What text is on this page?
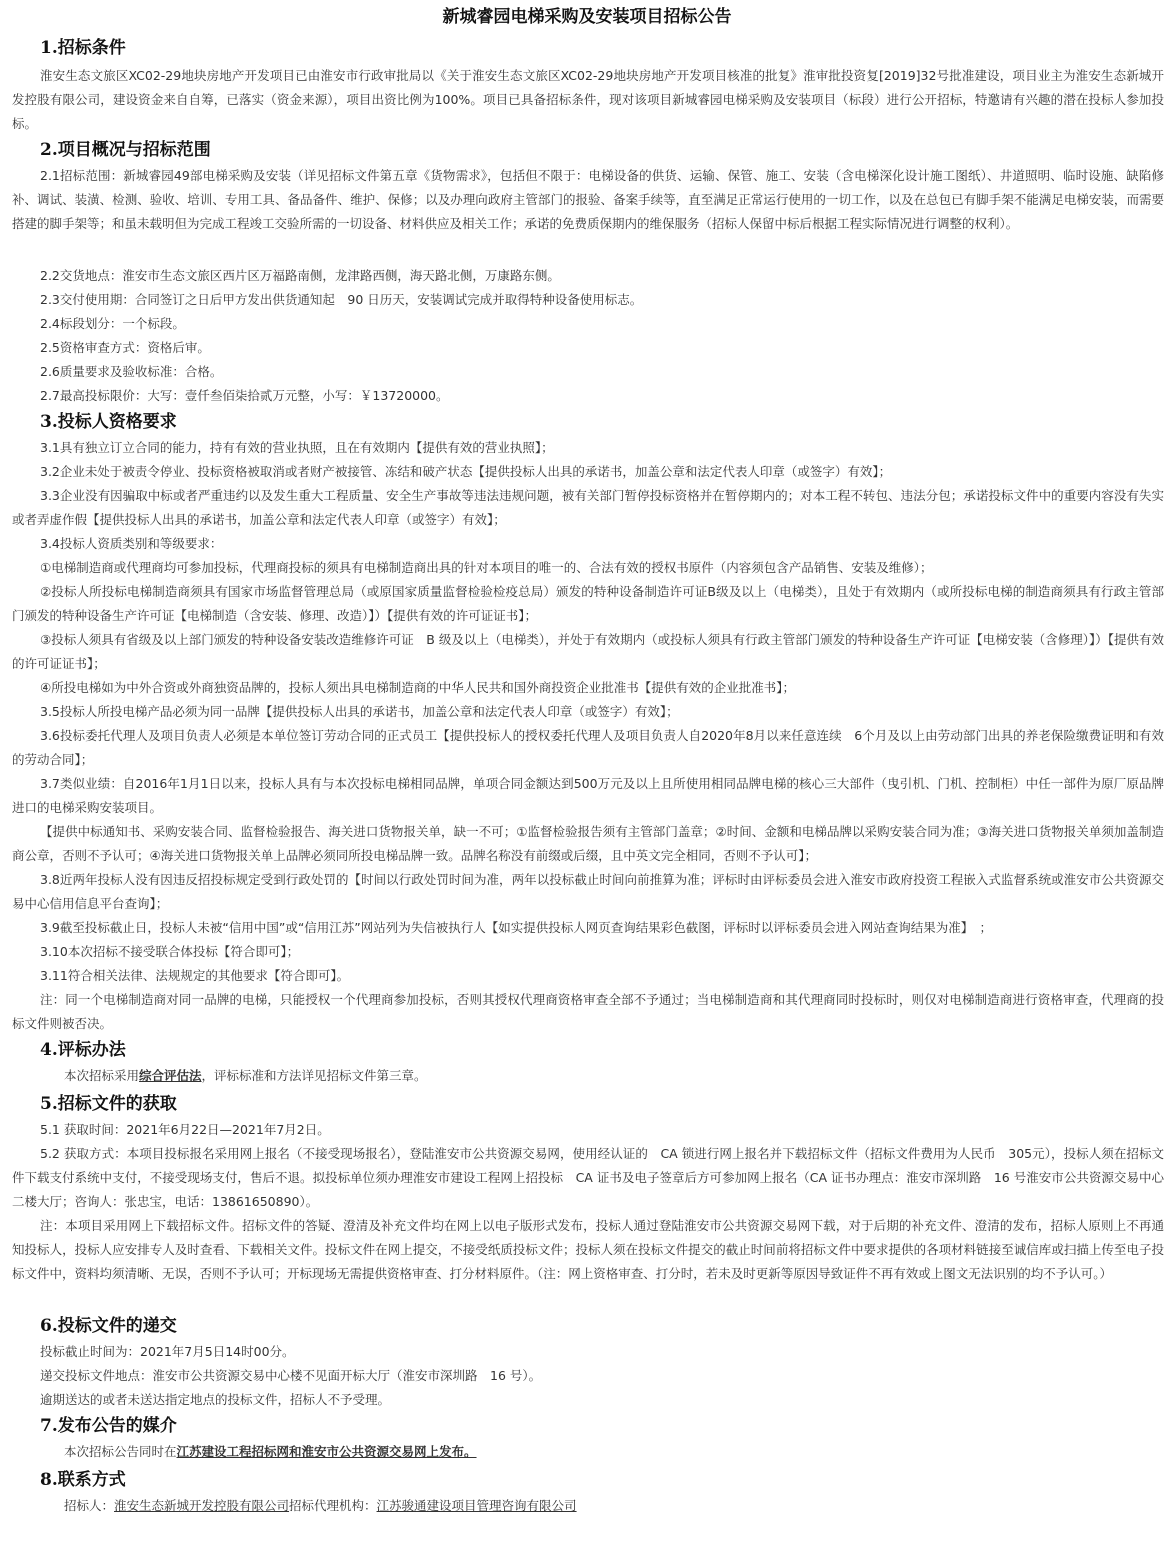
新城睿园电梯采购及安装项目招标公告
1.招标条件
淮安生态文旅区XC02-29地块房地产开发项目已由淮安市行政审批局以《关于淮安生态文旅区XC02-29地块房地产开发项目核准的批复》淮审批投资复[2019]32号批准建设，项目业主为淮安生态新城开发控股有限公司，建设资金来自自筹，已落实（资金来源），项目出资比例为100%。项目已具备招标条件，现对该项目新城睿园电梯采购及安装项目（标段）进行公开招标，特邀请有兴趣的潜在投标人参加投标。
2.项目概况与招标范围
2.1招标范围：新城睿园49部电梯采购及安装（详见招标文件第五章《货物需求》，包括但不限于：电梯设备的供货、运输、保管、施工、安装（含电梯深化设计施工图纸）、井道照明、临时设施、缺陷修补、调试、装潢、检测、验收、培训、专用工具、备品备件、维护、保修；以及办理向政府主管部门的报验、备案手续等，直至满足正常运行使用的一切工作，以及在总包已有脚手架不能满足电梯安装，而需要搭建的脚手架等；和虽未载明但为完成工程竣工交验所需的一切设备、材料供应及相关工作；承诺的免费质保期内的维保服务（招标人保留中标后根据工程实际情况进行调整的权利）。
2.2交货地点：淮安市生态文旅区西片区万福路南侧，龙津路西侧，海天路北侧，万康路东侧。
2.3交付使用期：合同签订之日后甲方发出供货通知起　90 日历天，安装调试完成并取得特种设备使用标志。
2.4标段划分：一个标段。
2.5资格审查方式：资格后审。
2.6质量要求及验收标准：合格。
2.7最高投标限价：大写：壹仟叁佰柒拾贰万元整，小写：￥13720000。
3.投标人资格要求
3.1具有独立订立合同的能力，持有有效的营业执照，且在有效期内【提供有效的营业执照】；
3.2企业未处于被责令停业、投标资格被取消或者财产被接管、冻结和破产状态【提供投标人出具的承诺书，加盖公章和法定代表人印章（或签字）有效】；
3.3企业没有因骗取中标或者严重违约以及发生重大工程质量、安全生产事故等违法违规问题，被有关部门暂停投标资格并在暂停期内的；对本工程不转包、违法分包；承诺投标文件中的重要内容没有失实或者弄虚作假【提供投标人出具的承诺书，加盖公章和法定代表人印章（或签字）有效】；
3.4投标人资质类别和等级要求：
①电梯制造商或代理商均可参加投标，代理商投标的须具有电梯制造商出具的针对本项目的唯一的、合法有效的授权书原件（内容须包含产品销售、安装及维修）；
②投标人所投标电梯制造商须具有国家市场监督管理总局（或原国家质量监督检验检疫总局）颁发的特种设备制造许可证B级及以上（电梯类），且处于有效期内（或所投标电梯的制造商须具有行政主管部门颁发的特种设备生产许可证【电梯制造（含安装、修理、改造）】）【提供有效的许可证证书】；
③投标人须具有省级及以上部门颁发的特种设备安装改造维修许可证　B 级及以上（电梯类），并处于有效期内（或投标人须具有行政主管部门颁发的特种设备生产许可证【电梯安装（含修理）】）【提供有效的许可证证书】；
④所投电梯如为中外合资或外商独资品牌的，投标人须出具电梯制造商的中华人民共和国外商投资企业批准书【提供有效的企业批准书】；
3.5投标人所投电梯产品必须为同一品牌【提供投标人出具的承诺书，加盖公章和法定代表人印章（或签字）有效】；
3.6投标委托代理人及项目负责人必须是本单位签订劳动合同的正式员工【提供投标人的授权委托代理人及项目负责人自2020年8月以来任意连续　6个月及以上由劳动部门出具的养老保险缴费证明和有效的劳动合同】；
3.7类似业绩：自2016年1月1日以来，投标人具有与本次投标电梯相同品牌，单项合同金额达到500万元及以上且所使用相同品牌电梯的核心三大部件（曳引机、门机、控制柜）中任一部件为原厂原品牌进口的电梯采购安装项目。
【提供中标通知书、采购安装合同、监督检验报告、海关进口货物报关单，缺一不可；①监督检验报告须有主管部门盖章；②时间、金额和电梯品牌以采购安装合同为准；③海关进口货物报关单须加盖制造商公章，否则不予认可；④海关进口货物报关单上品牌必须同所投电梯品牌一致。品牌名称没有前缀或后缀，且中英文完全相同，否则不予认可】；
3.8近两年投标人没有因违反招投标规定受到行政处罚的【时间以行政处罚时间为准，两年以投标截止时间向前推算为准；评标时由评标委员会进入淮安市政府投资工程嵌入式监督系统或淮安市公共资源交易中心信用信息平台查询】；
3.9截至投标截止日，投标人未被“信用中国”或“信用江苏”网站列为失信被执行人【如实提供投标人网页查询结果彩色截图，评标时以评标委员会进入网站查询结果为准】　；
3.10本次招标不接受联合体投标【符合即可】；
3.11符合相关法律、法规规定的其他要求【符合即可】。
注：同一个电梯制造商对同一品牌的电梯，只能授权一个代理商参加投标，否则其授权代理商资格审查全部不予通过；当电梯制造商和其代理商同时投标时，则仅对电梯制造商进行资格审查，代理商的投标文件则被否决。
4.评标办法
本次招标采用综合评估法，评标标准和方法详见招标文件第三章。
5.招标文件的获取
5.1 获取时间：2021年6月22日—2021年7月2日。
5.2 获取方式：本项目投标报名采用网上报名（不接受现场报名），登陆淮安市公共资源交易网，使用经认证的　CA 锁进行网上报名并下载招标文件（招标文件费用为人民币　305元），投标人须在招标文件下载支付系统中支付，不接受现场支付，售后不退。拟投标单位须办理淮安市建设工程网上招投标　CA 证书及电子签章后方可参加网上报名（CA 证书办理点：淮安市深圳路　16 号淮安市公共资源交易中心二楼大厅；咨询人：张忠宝，电话：13861650890）。
注：本项目采用网上下载招标文件。招标文件的答疑、澄清及补充文件均在网上以电子版形式发布，投标人通过登陆淮安市公共资源交易网下载，对于后期的补充文件、澄清的发布，招标人原则上不再通知投标人，投标人应安排专人及时查看、下载相关文件。投标文件在网上提交，不接受纸质投标文件；投标人须在投标文件提交的截止时间前将招标文件中要求提供的各项材料链接至诚信库或扫描上传至电子投标文件中，资料均须清晰、无误，否则不予认可；开标现场无需提供资格审查、打分材料原件。（注：网上资格审查、打分时，若未及时更新等原因导致证件不再有效或上图文无法识别的均不予认可。）
6.投标文件的递交
投标截止时间为：2021年7月5日14时00分。
递交投标文件地点：淮安市公共资源交易中心楼不见面开标大厅（淮安市深圳路　16 号）。
逾期送达的或者未送达指定地点的投标文件，招标人不予受理。
7.发布公告的媒介
本次招标公告同时在江苏建设工程招标网和淮安市公共资源交易网上发布。
8.联系方式
招标人：淮安生态新城开发控股有限公司招标代理机构：江苏骏通建设项目管理咨询有限公司
